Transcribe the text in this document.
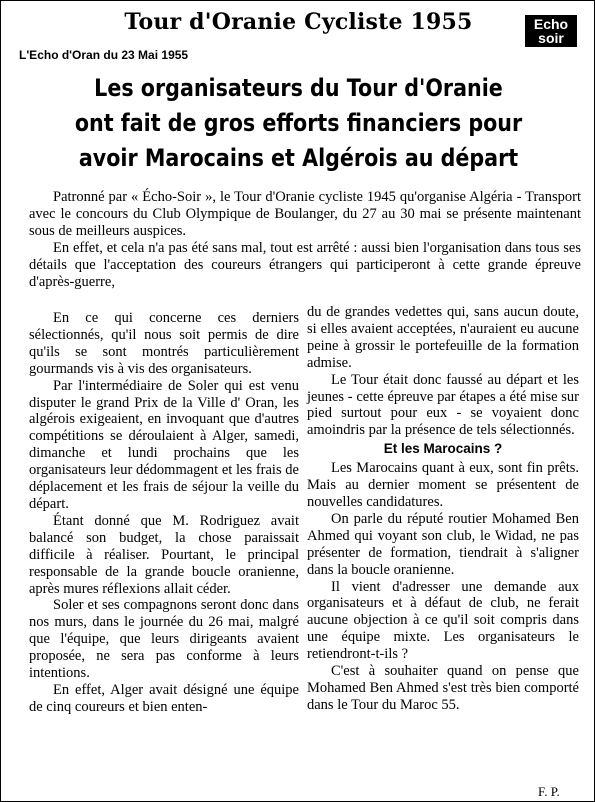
Tour d'Oranie Cycliste 1955	Echo
soir
L'Echo d'Oran du 23 Mai 1955
Les organisateurs du Tour d'Oranie
ont fait de gros efforts financiers pour
avoir Marocains et Algérois au départ

Patronné par « Écho-Soir », le Tour d'Oranie cycliste 1945 qu'organise Algéria - Transport avec le concours du Club Olympique de Boulanger, du 27 au 30 mai se présente maintenant sous de meilleurs auspices.

En effet, et cela n'a pas été sans mal, tout est arrêté : aussi bien l'organisation dans tous ses détails que l'acceptation des coureurs étrangers qui participeront à cette grande épreuve d'après-guerre,

En ce qui concerne ces derniers sélectionnés, qu'il nous soit permis de dire qu'ils se sont montrés particulièrement gourmands vis à vis des organisateurs.

Par l'intermédiaire de Soler qui est venu disputer le grand Prix de la Ville d' Oran, les algérois exigeaient, en invoquant que d'autres compétitions se déroulaient à Alger, samedi, dimanche et lundi prochains que les organisateurs leur dédommagent et les frais de déplacement et les frais de séjour la veille du départ.

Étant donné que M. Rodriguez avait balancé son budget, la chose paraissait difficile à réaliser. Pourtant, le principal responsable de la grande boucle oranienne, après mures réflexions allait céder.

Soler et ses compagnons seront donc dans nos murs, dans le journée du 26 mai, malgré que l'équipe, que leurs dirigeants avaient proposée, ne sera pas conforme à leurs intentions.

En effet, Alger avait désigné une équipe de cinq coureurs et bien enten-

du de grandes vedettes qui, sans aucun doute, si elles avaient acceptées, n'auraient eu aucune peine à grossir le portefeuille de la formation admise.

Le Tour était donc faussé au départ et les jeunes - cette épreuve par étapes a été mise sur pied surtout pour eux - se voyaient donc amoindris par la présence de tels sélectionnés.

Et les Marocains ?

Les Marocains quant à eux, sont fin prêts. Mais au dernier moment se présentent de nouvelles candidatures.

On parle du réputé routier Mohamed Ben Ahmed qui voyant son club, le Widad, ne pas présenter de formation, tiendrait à s'aligner dans la boucle oranienne.

Il vient d'adresser une demande aux organisateurs et à défaut de club, ne ferait aucune objection à ce qu'il soit compris dans une équipe mixte. Les organisateurs le retiendront-t-ils ?

C'est à souhaiter quand on pense que Mohamed Ben Ahmed s'est très bien comporté dans le Tour du Maroc 55.

F. P.
